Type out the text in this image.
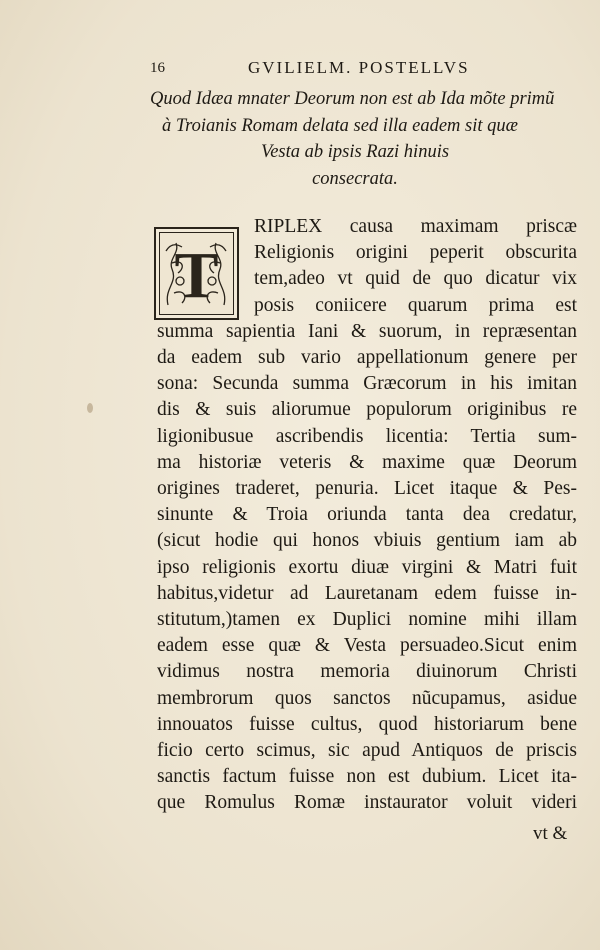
16	GVILIELM. POSTELLVS
Quod Idæa mnater Deorum non est ab Ida mõte primũ
à Troianis Romam delata sed illa eadem sit quæ
Vesta ab ipsis Razi hinuis
consecrata.
T
RIPLEX causa maximam priscæ
Religionis origini peperit obscurita
tem,adeo vt quid de quo dicatur vix
posis coniicere quarum prima est
summa sapientia Iani & suorum, in repræsentan
da eadem sub vario appellationum genere per
sona: Secunda summa Græcorum in his imitan
dis & suis aliorumue populorum originibus re
ligionibusue ascribendis licentia: Tertia sum-
ma historiæ veteris & maxime quæ Deorum
origines traderet, penuria. Licet itaque & Pes-
sinunte & Troia oriunda tanta dea credatur,
(sicut hodie qui honos vbiuis gentium iam ab
ipso religionis exortu diuæ virgini & Matri fuit
habitus,videtur ad Lauretanam edem fuisse in-
stitutum,)tamen ex Duplici nomine mihi illam
eadem esse quæ & Vesta persuadeo.Sicut enim
vidimus nostra memoria diuinorum Christi
membrorum quos sanctos nũcupamus, asidue
innouatos fuisse cultus, quod historiarum bene
ficio certo scimus, sic apud Antiquos de priscis
sanctis factum fuisse non est dubium. Licet ita-
que Romulus Romæ instaurator voluit videri
vt &
